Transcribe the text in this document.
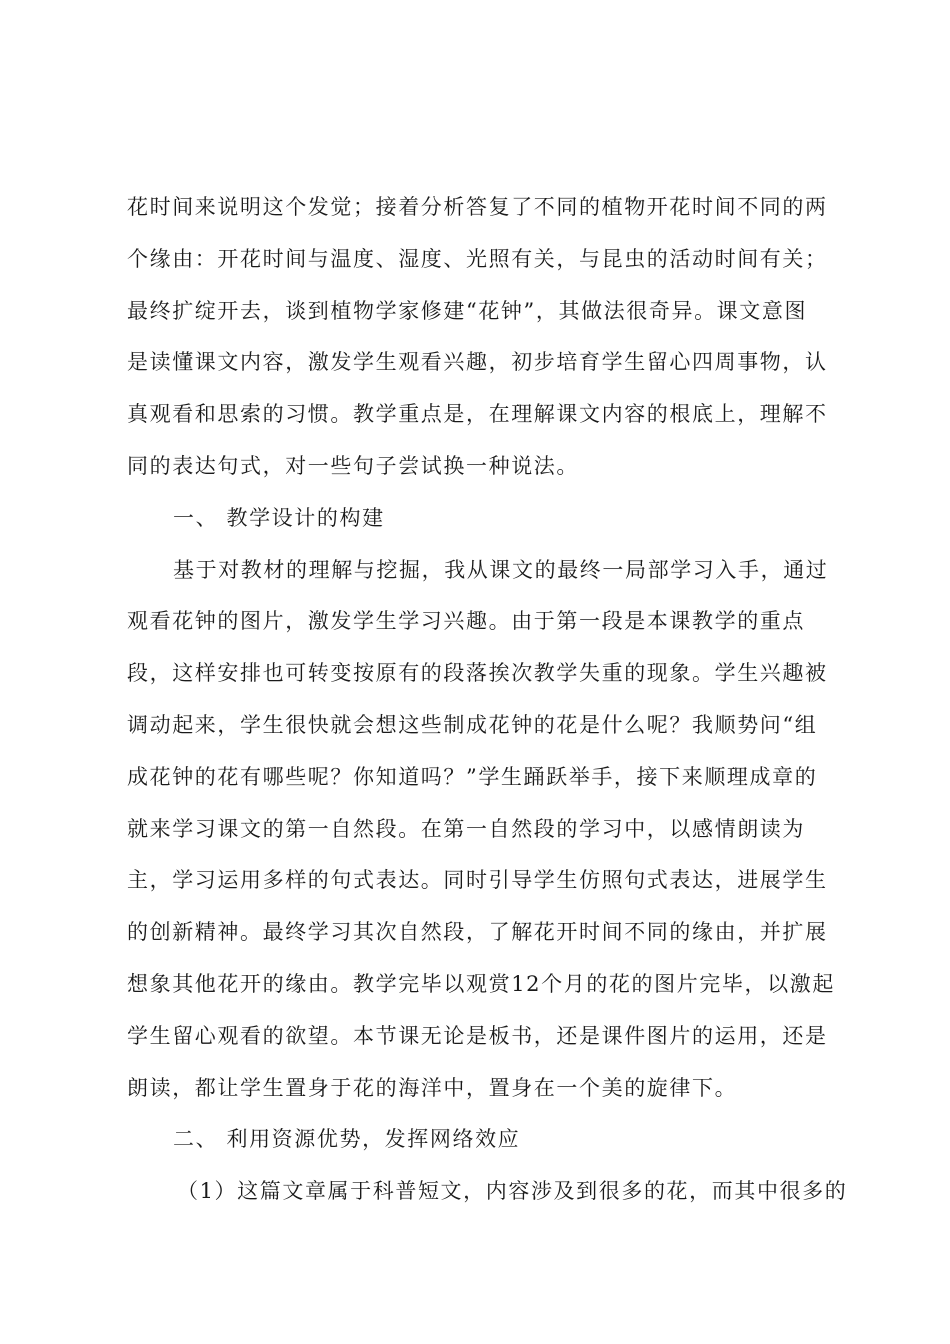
花时间来说明这个发觉；接着分析答复了不同的植物开花时间不同的两
个缘由：开花时间与温度、湿度、光照有关，与昆虫的活动时间有关；
最终扩绽开去，谈到植物学家修建“花钟”，其做法很奇异。课文意图
是读懂课文内容，激发学生观看兴趣，初步培育学生留心四周事物，认
真观看和思索的习惯。教学重点是，在理解课文内容的根底上，理解不
同的表达句式，对一些句子尝试换一种说法。
一、 教学设计的构建
基于对教材的理解与挖掘，我从课文的最终一局部学习入手，通过
观看花钟的图片，激发学生学习兴趣。由于第一段是本课教学的重点
段，这样安排也可转变按原有的段落挨次教学失重的现象。学生兴趣被
调动起来，学生很快就会想这些制成花钟的花是什么呢？我顺势问“组
成花钟的花有哪些呢？你知道吗？”学生踊跃举手，接下来顺理成章的
就来学习课文的第一自然段。在第一自然段的学习中，以感情朗读为
主，学习运用多样的句式表达。同时引导学生仿照句式表达，进展学生
的创新精神。最终学习其次自然段，了解花开时间不同的缘由，并扩展
想象其他花开的缘由。教学完毕以观赏12个月的花的图片完毕，以激起
学生留心观看的欲望。本节课无论是板书，还是课件图片的运用，还是
朗读，都让学生置身于花的海洋中，置身在一个美的旋律下。
二、 利用资源优势，发挥网络效应
（1）这篇文章属于科普短文，内容涉及到很多的花，而其中很多的
